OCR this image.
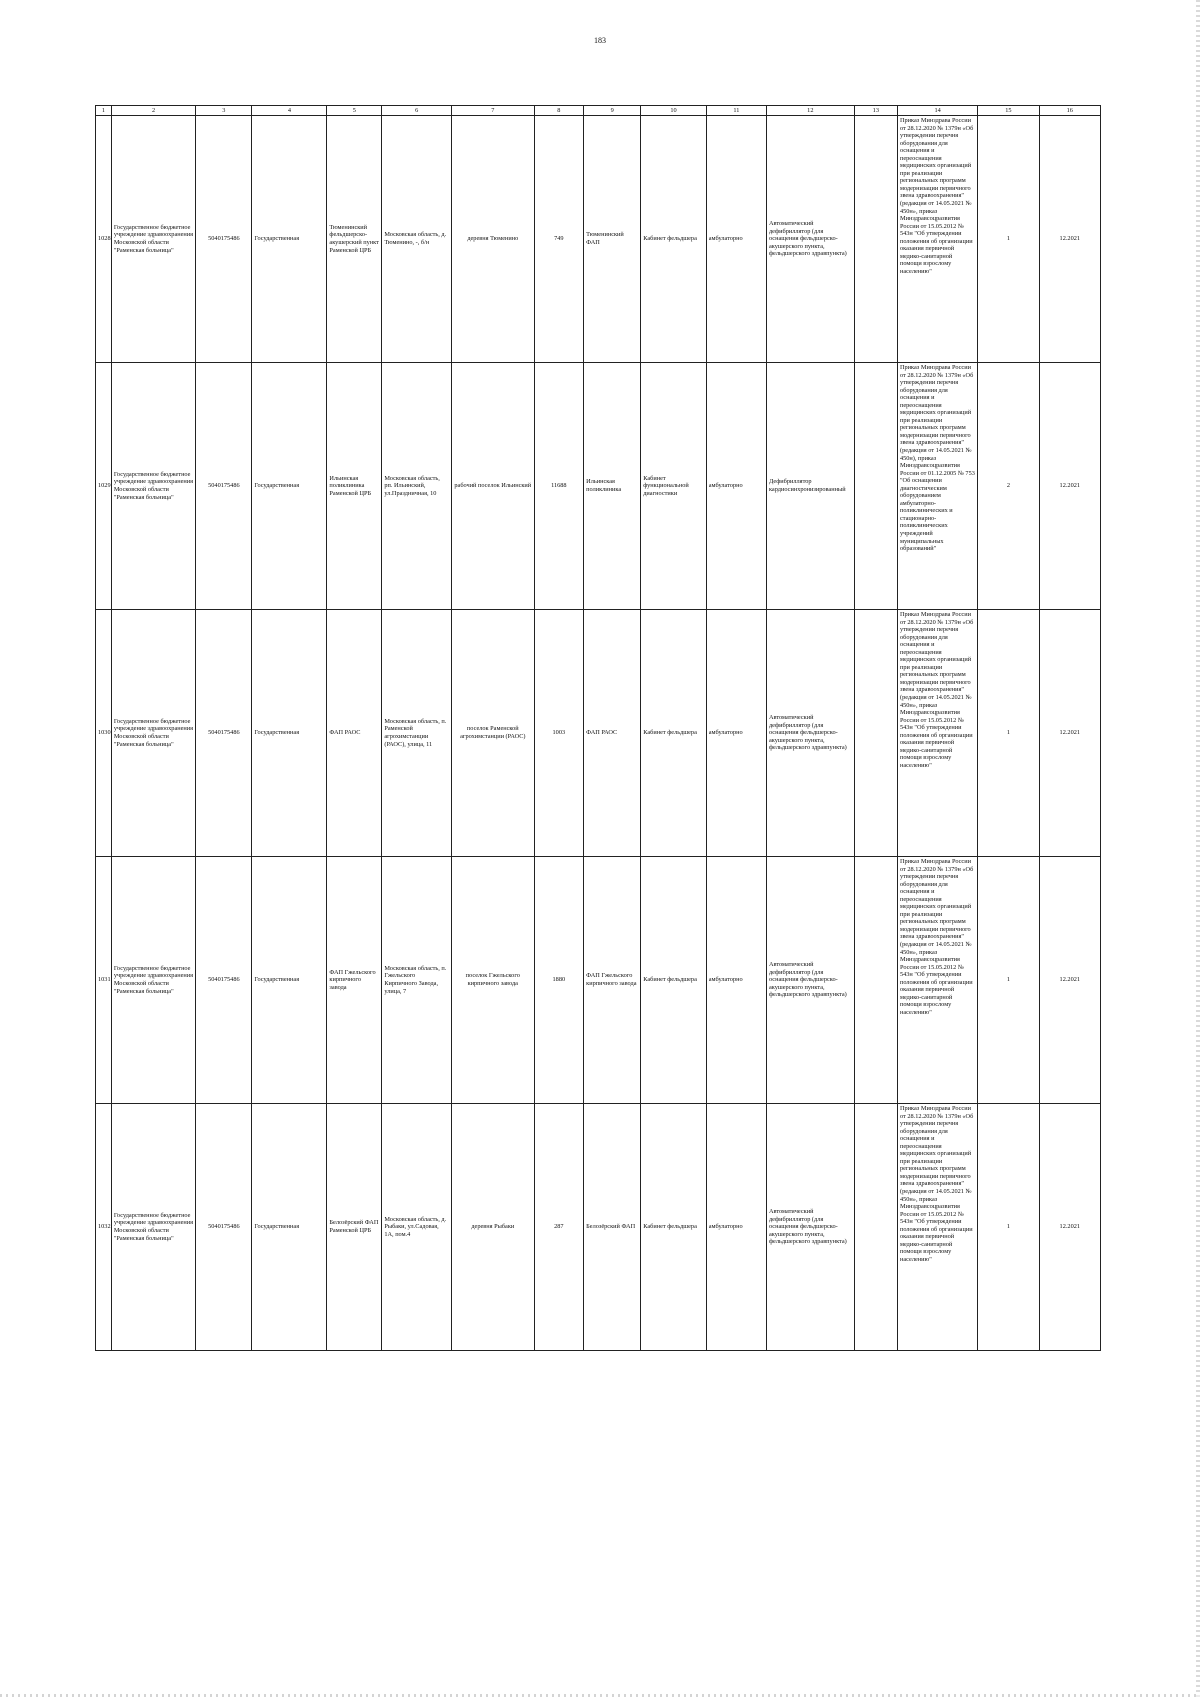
183
1	2	3	4	5	6	7	8	9	10	11	12	13	14	15	16
1028	Государственное бюджетное учреждение здравоохранения Московской области "Раменская больница"	5040175486	Государственная	Тюменинский фельдшерско-акушерский пункт Раменской ЦРБ	Московская область, д. Тюменино, -, б/н	деревня Тюменино	749	Тюменинский ФАП	Кабинет фельдшера	амбулаторно	Автоматический дефибриллятор (для оснащения фельдшерско-акушерского пункта, фельдшерского здравпункта)		Приказ Минздрава России от 28.12.2020 № 1379н «Об утверждении перечня оборудования для оснащения и переоснащения медицинских организаций при реализации региональных программ модернизации первичного звена здравоохранения"(редакция от 14.05.2021 № 450н», приказ Минздравсоцразвития России от 15.05.2012 № 543н "Об утверждении положения об организации оказания первичной медико-санитарной помощи взрослому населению"	1	12.2021
1029	Государственное бюджетное учреждение здравоохранения Московской области "Раменская больница"	5040175486	Государственная	Ильинская поликлиника Раменской ЦРБ	Московская область, рп. Ильинский, ул.Праздничная, 10	рабочий поселок Ильинский	11688	Ильинская поликлиника	Кабинет функциональной диагностики	амбулаторно	Дефибриллятор кардиосинхронизированный		Приказ Минздрава России от 28.12.2020 № 1379н «Об утверждении перечня оборудования для оснащения и переоснащения медицинских организаций при реализации региональных программ модернизации первичного звена здравоохранения"(редакция от 14.05.2021 № 450н), приказ Минздравсоцразвития России от 01.12.2005 № 753 "Об оснащении диагностическим оборудованием амбулаторно-поликлинических и стационарно-поликлинических учреждений муниципальных образований"	2	12.2021
1030	Государственное бюджетное учреждение здравоохранения Московской области "Раменская больница"	5040175486	Государственная	ФАП РАОС	Московская область, п. Раменской агрохимстанции (РАОС), улица, 11	поселок Раменской агрохимстанции (РАОС)	1003	ФАП РАОС	Кабинет фельдшера	амбулаторно	Автоматический дефибриллятор (для оснащения фельдшерско-акушерского пункта, фельдшерского здравпункта)		Приказ Минздрава России от 28.12.2020 № 1379н «Об утверждении перечня оборудования для оснащения и переоснащения медицинских организаций при реализации региональных программ модернизации первичного звена здравоохранения"(редакция от 14.05.2021 № 450н», приказ Минздравсоцразвития России от 15.05.2012 № 543н "Об утверждении положения об организации оказания первичной медико-санитарной помощи взрослому населению"	1	12.2021
1031	Государственное бюджетное учреждение здравоохранения Московской области "Раменская больница"	5040175486	Государственная	ФАП Гжельского кирпичного завода	Московская область, п. Гжельского Кирпичного Завода, улица, 7	поселок Гжельского кирпичного завода	1880	ФАП Гжельского кирпичного завода	Кабинет фельдшера	амбулаторно	Автоматический дефибриллятор (для оснащения фельдшерско-акушерского пункта, фельдшерского здравпункта)		Приказ Минздрава России от 28.12.2020 № 1379н «Об утверждении перечня оборудования для оснащения и переоснащения медицинских организаций при реализации региональных программ модернизации первичного звена здравоохранения"(редакция от 14.05.2021 № 450н», приказ Минздравсоцразвития России от 15.05.2012 № 543н "Об утверждении положения об организации оказания первичной медико-санитарной помощи взрослому населению"	1	12.2021
1032	Государственное бюджетное учреждение здравоохранения Московской области "Раменская больница"	5040175486	Государственная	Белозёрский ФАП Раменской ЦРБ	Московская область, д. Рыбаки, ул.Садовая, 1А, пом.4	деревня Рыбаки	287	Белозёрский ФАП	Кабинет фельдшера	амбулаторно	Автоматический дефибриллятор (для оснащения фельдшерско-акушерского пункта, фельдшерского здравпункта)		Приказ Минздрава России от 28.12.2020 № 1379н «Об утверждении перечня оборудования для оснащения и переоснащения медицинских организаций при реализации региональных программ модернизации первичного звена здравоохранения"(редакция от 14.05.2021 № 450н», приказ Минздравсоцразвития России от 15.05.2012 № 543н "Об утверждении положения об организации оказания первичной медико-санитарной помощи взрослому населению"	1	12.2021
